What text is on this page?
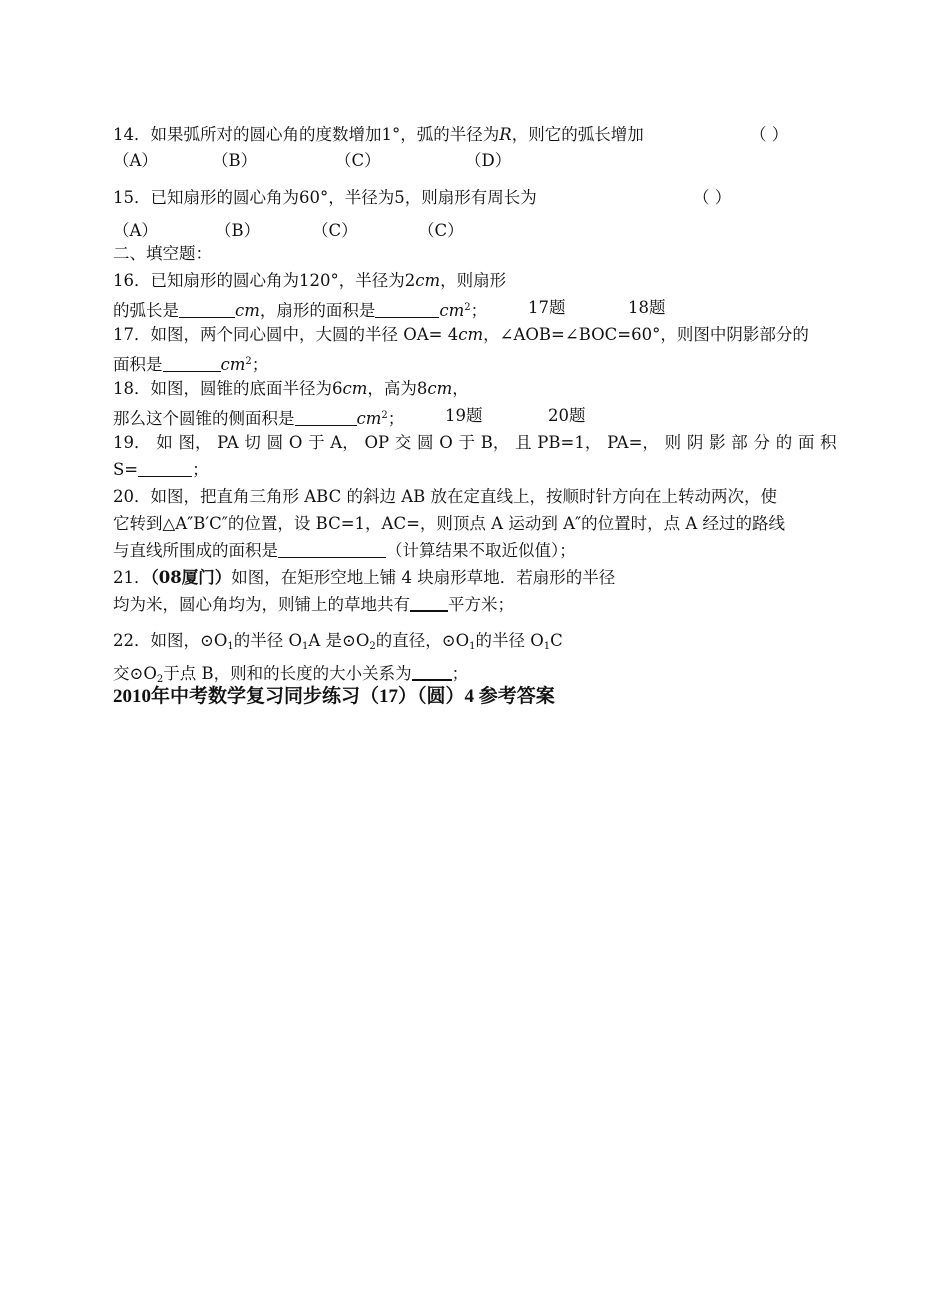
14．如果弧所对的圆心角的度数增加1°，弧的半径为R，则它的弧长增加	（ ）
（A）	（B）	（C）	（D）
15．已知扇形的圆心角为60°，半径为5，则扇形有周长为	（ ）
（A）	（B）	（C）	（C）
二、填空题：
16．已知扇形的圆心角为120°，半径为2cm，则扇形
的弧长是	cm，扇形的面积是	$cm^2$； 17题	18题
17．如图，两个同心圆中，大圆的半径 OA= 4cm，∠AOB=∠BOC=60°，则图中阴影部分的
面积是	$cm^2$；
18．如图，圆锥的底面半径为6cm，高为8cm，
那么这个圆锥的侧面积是	$cm^2$； 19题	20题
19． 如 图， PA 切 圆 O 于 A， OP 交 圆 O 于 B， 且 PB=1， PA=， 则 阴 影 部 分 的 面 积
S=	；
20．如图，把直角三角形 ABC 的斜边 AB 放在定直线上，按顺时针方向在上转动两次，使
它转到△A″B′C″的位置，设 BC=1，AC=，则顶点 A 运动到 A″的位置时，点 A 经过的路线
与直线所围成的面积是	（计算结果不取近似值）；
21．（08厦门）如图，在矩形空地上铺 4 块扇形草地．若扇形的半径
均为米，圆心角均为，则铺上的草地共有 平方米；
22．如图，$⊙O_1$的半径 $O_1A$ 是$⊙O_2$的直径，$⊙O_1$的半径 $O_1C$
交$⊙O_2$于点 B，则和的长度的大小关系为 ；
2010年中考数学复习同步练习（17）（圆）4 参考答案
